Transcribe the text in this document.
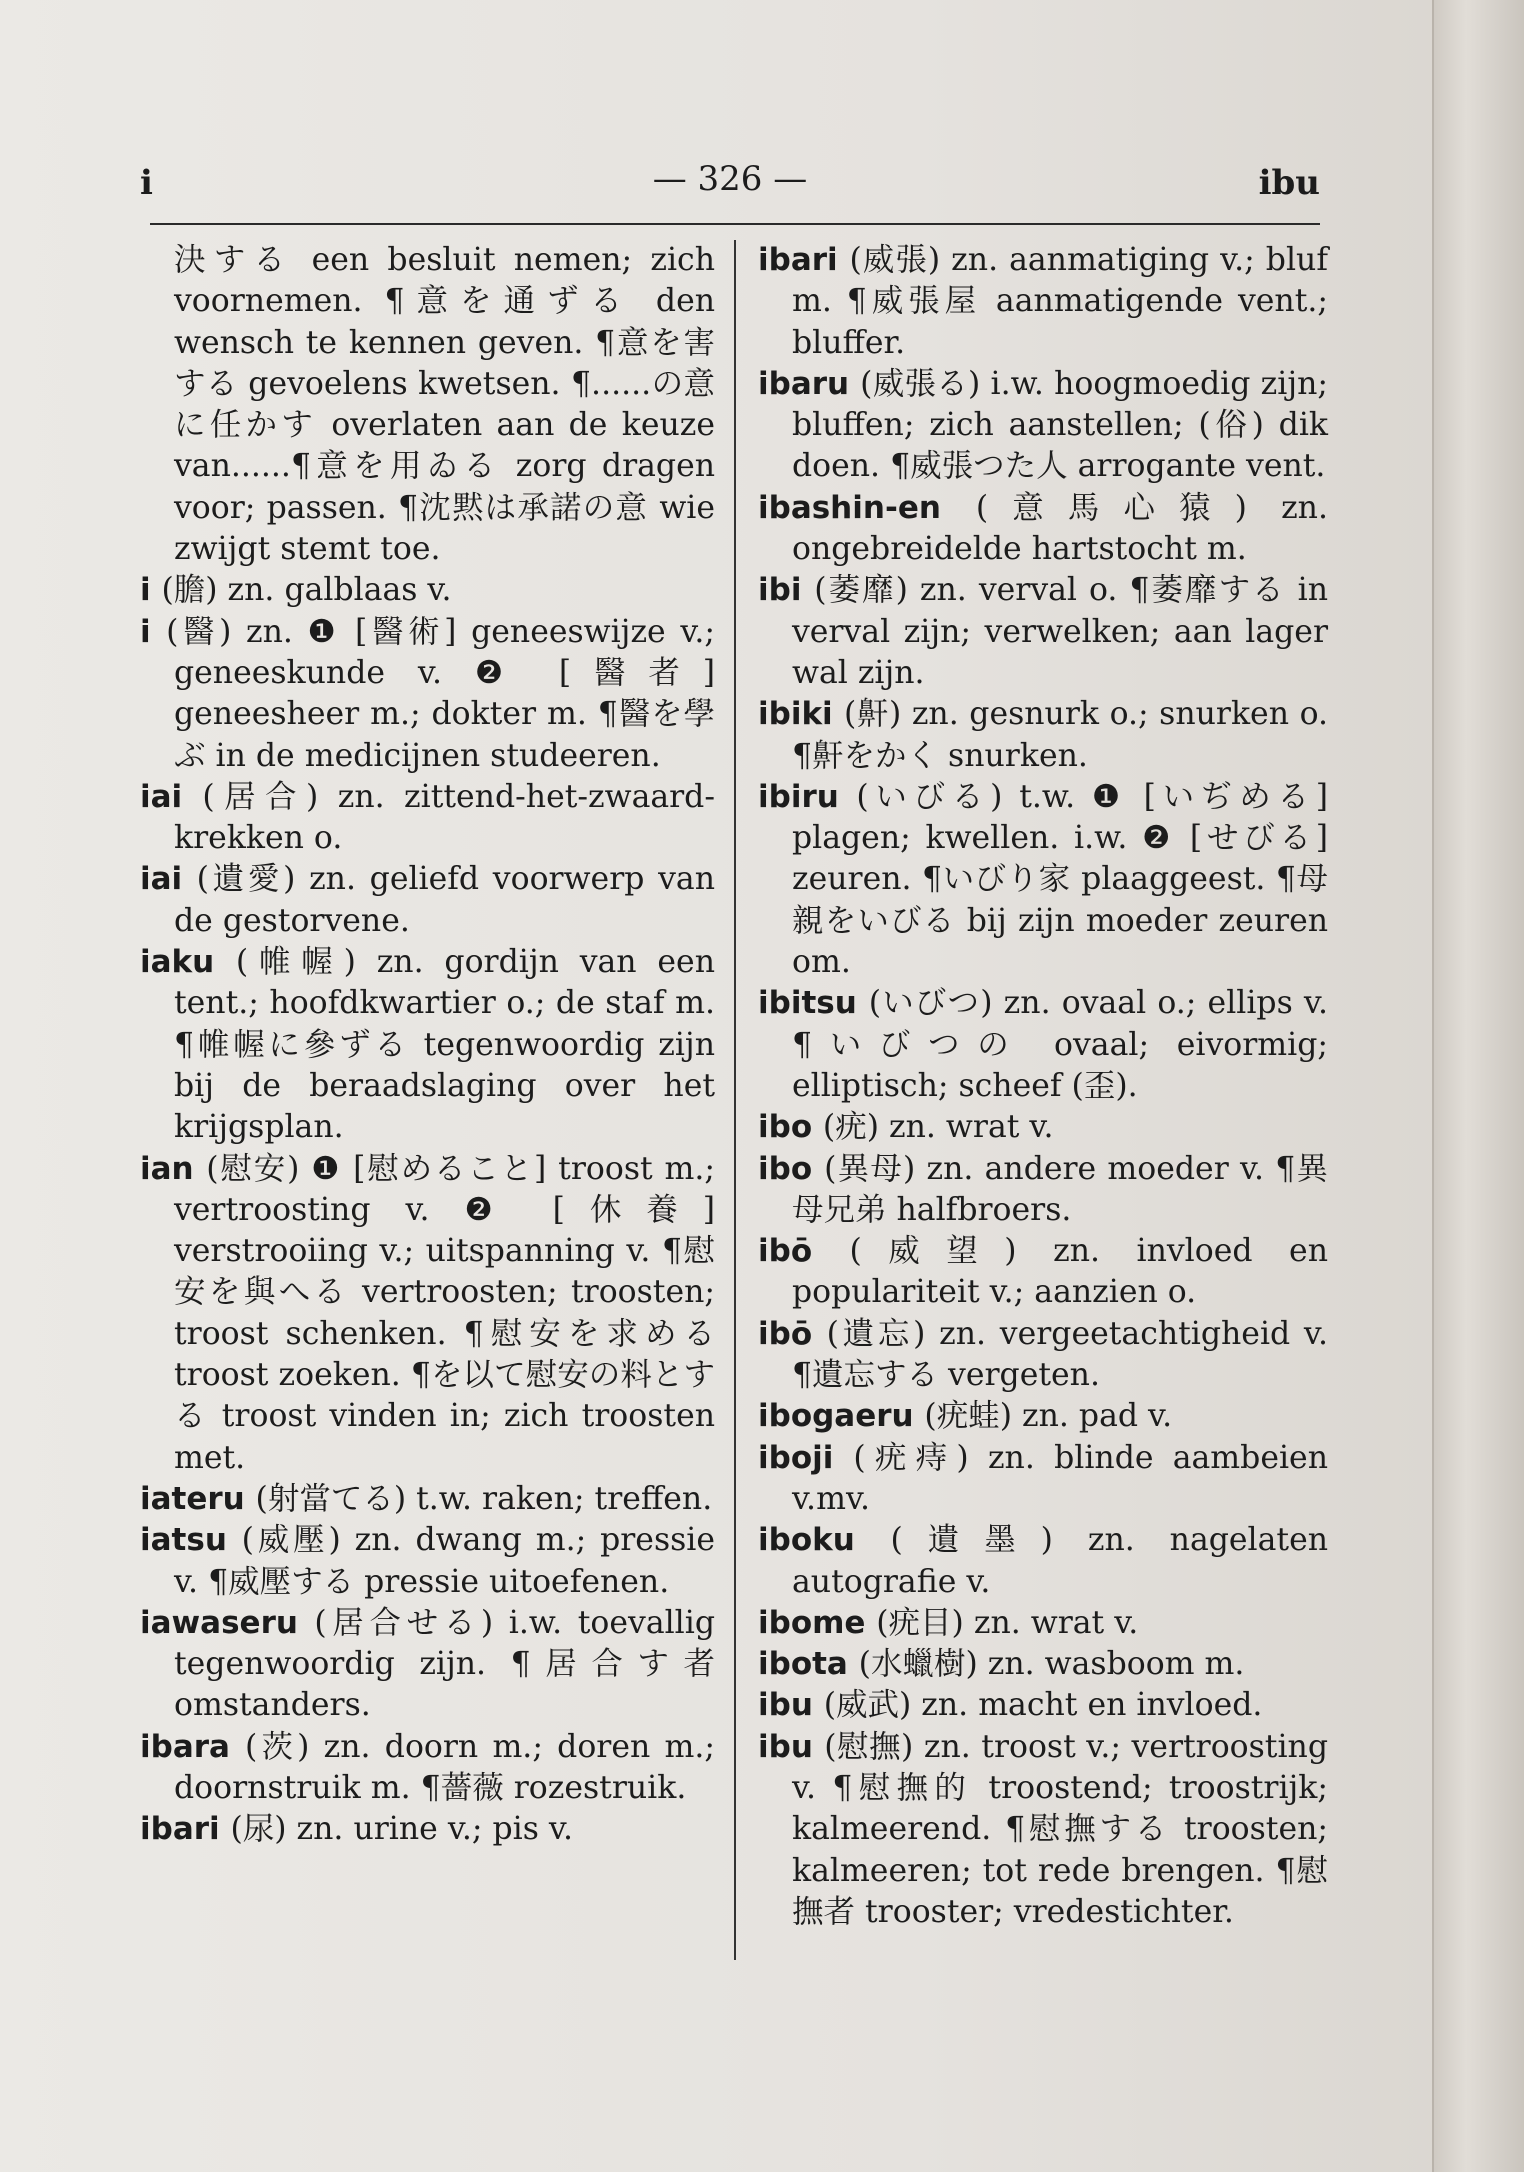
i	— 326 —	ibu

決する een besluit nemen; zich voornemen. ¶意を通ずる den wensch te kennen geven. ¶意を害する gevoelens kwetsen. ¶......の意に任かす overlaten aan de keuze van......¶意を用ゐる zorg dragen voor; passen. ¶沈黙は承諾の意 wie zwijgt stemt toe.

i (膽) zn. galblaas v.

i (醫) zn. ❶ [醫術] geneeswijze v.; geneeskunde v. ❷ [醫者] geneesheer m.; dokter m. ¶醫を學ぶ in de medicijnen studeeren.

iai (居合) zn. zittend-het-zwaard-krekken o.

iai (遺愛) zn. geliefd voorwerp van de gestorvene.

iaku (帷幄) zn. gordijn van een tent.; hoofdkwartier o.; de staf m. ¶帷幄に參ずる tegenwoordig zijn bij de beraadslaging over het krijgsplan.

ian (慰安) ❶ [慰めること] troost m.; vertroosting v. ❷ [休養] verstrooiing v.; uitspanning v. ¶慰安を與へる vertroosten; troosten; troost schenken. ¶慰安を求める troost zoeken. ¶を以て慰安の料とする troost vinden in; zich troosten met.

iateru (射當てる) t.w. raken; treffen.

iatsu (威壓) zn. dwang m.; pressie v. ¶威壓する pressie uitoefenen.

iawaseru (居合せる) i.w. toevallig tegenwoordig zijn. ¶居合す者 omstanders.

ibara (茨) zn. doorn m.; doren m.; doornstruik m. ¶薔薇 rozestruik.

ibari (尿) zn. urine v.; pis v.

ibari (威張) zn. aanmatiging v.; bluf m. ¶威張屋 aanmatigende vent.; bluffer.

ibaru (威張る) i.w. hoogmoedig zijn; bluffen; zich aanstellen; (俗) dik doen. ¶威張つた人 arrogante vent.

ibashin-en (意馬心猿) zn. ongebreidelde hartstocht m.

ibi (萎靡) zn. verval o. ¶萎靡する in verval zijn; verwelken; aan lager wal zijn.

ibiki (鼾) zn. gesnurk o.; snurken o. ¶鼾をかく snurken.

ibiru (いびる) t.w. ❶ [いぢめる] plagen; kwellen. i.w. ❷ [せびる] zeuren. ¶いびり家 plaaggeest. ¶母親をいびる bij zijn moeder zeuren om.

ibitsu (いびつ) zn. ovaal o.; ellips v. ¶いびつの ovaal; eivormig; elliptisch; scheef (歪).

ibo (疣) zn. wrat v.

ibo (異母) zn. andere moeder v. ¶異母兄弟 halfbroers.

ibō (威望) zn. invloed en populariteit v.; aanzien o.

ibō (遺忘) zn. vergeetachtigheid v. ¶遺忘する vergeten.

ibogaeru (疣蛙) zn. pad v.

iboji (疣痔) zn. blinde aambeien v.mv.

iboku (遺墨) zn. nagelaten autografie v.

ibome (疣目) zn. wrat v.

ibota (水蠟樹) zn. wasboom m.

ibu (威武) zn. macht en invloed.

ibu (慰撫) zn. troost v.; vertroosting v. ¶慰撫的 troostend; troostrijk; kalmeerend. ¶慰撫する troosten; kalmeeren; tot rede brengen. ¶慰撫者 trooster; vredestichter.
